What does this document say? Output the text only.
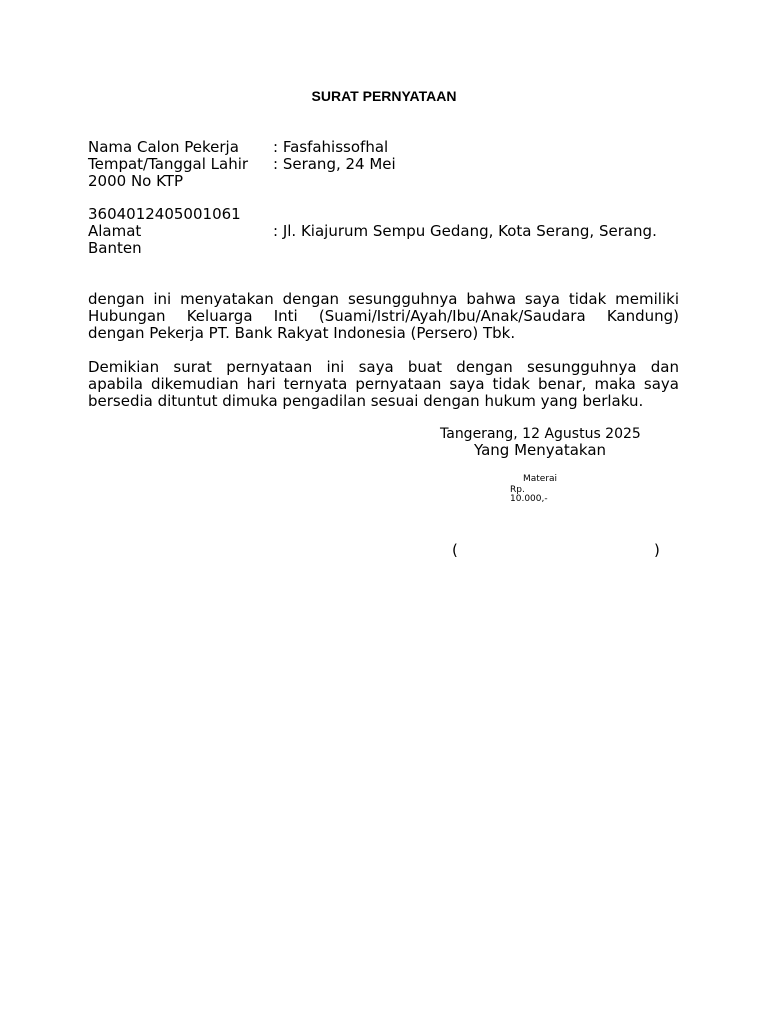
SURAT PERNYATAAN
Nama Calon Pekerja : Fasfahissofhal
Tempat/Tanggal Lahir : Serang, 24 Mei
2000 No KTP
3604012405001061
Alamat	: Jl. Kiajurum Sempu Gedang, Kota Serang, Serang.
Banten
dengan ini menyatakan dengan sesungguhnya bahwa saya tidak memiliki
Hubungan Keluarga Inti (Suami/Istri/Ayah/Ibu/Anak/Saudara Kandung)
dengan Pekerja PT. Bank Rakyat Indonesia (Persero) Tbk.
Demikian surat pernyataan ini saya buat dengan sesungguhnya dan
apabila dikemudian hari ternyata pernyataan saya tidak benar, maka saya
bersedia dituntut dimuka pengadilan sesuai dengan hukum yang berlaku.
Tangerang, 12 Agustus 2025
Yang Menyatakan
Materai
Rp.
10.000,-
(	)
